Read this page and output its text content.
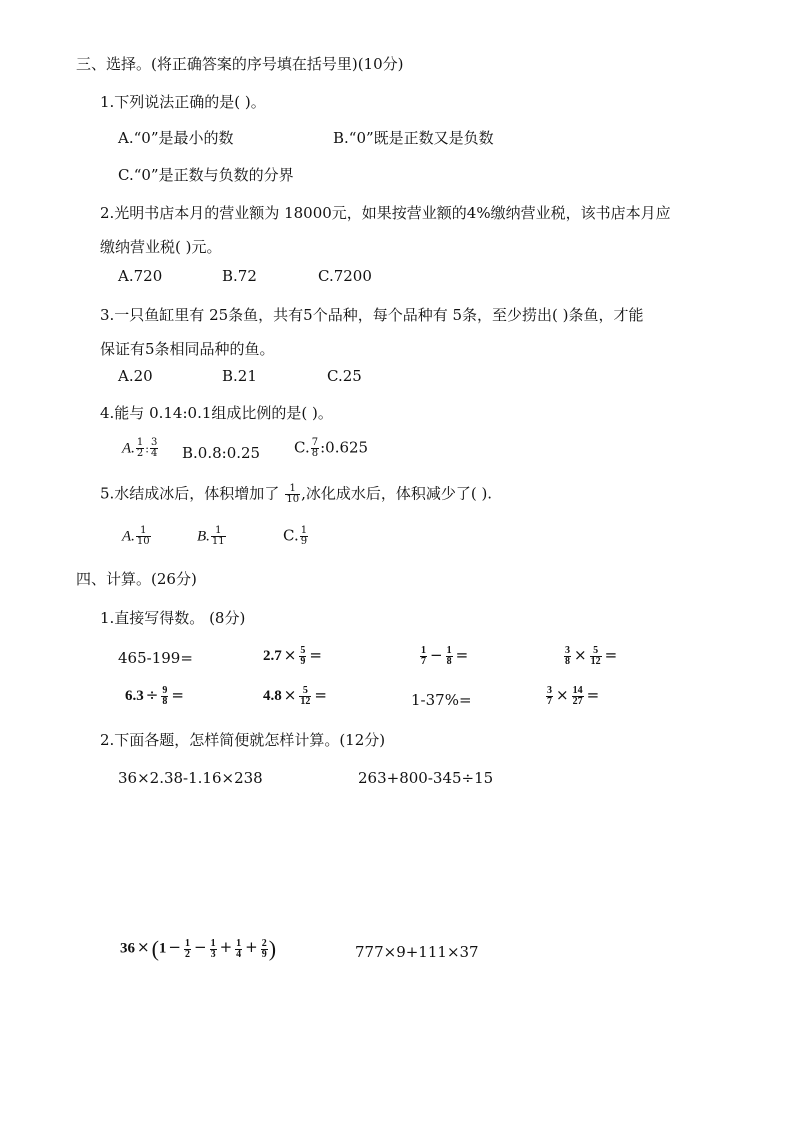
三、选择。(将正确答案的序号填在括号里)(10分)
1.下列说法正确的是( )。
A.“0”是最小的数	B.“0”既是正数又是负数
C.“0”是正数与负数的分界
2.光明书店本月的营业额为 18000元，如果按营业额的4%缴纳营业税，该书店本月应
缴纳营业税( )元。
A.720	B.72	C.7200
3.一只鱼缸里有 25条鱼，共有5个品种，每个品种有 5条，至少捞出( )条鱼，才能
保证有5条相同品种的鱼。
A.20	B.21	C.25
4.能与 0.14:0.1组成比例的是( )。
A. $\frac{1}{2}$ : $\frac{3}{4}$ B.0.8:0.25 C. $\frac{7}{8}$ :0.625
5.水结成冰后，体积增加了 $\frac{1}{10}$ ,冰化成水后，体积减少了( ).
A. $\frac{1}{10}$	B. $\frac{1}{11}$	C. $\frac{1}{9}$
四、计算。(26分)
1.直接写得数。 (8分)
465-199=	$2.7 \times \frac{5}{9}$ =	$\frac{1}{7} - \frac{1}{8}$ =	$\frac{3}{8} \times \frac{5}{12}$ =
$6.3 \div \frac{9}{8}$ =	$4.8 \times \frac{5}{12}$ =	1-37%=	$\frac{3}{7} \times \frac{14}{27}$ =
2.下面各题，怎样简便就怎样计算。(12分)
36×2.38-1.16×238	263+800-345÷15
$36 \times(1 - \frac{1}{2} - \frac{1}{3} + \frac{1}{4} + \frac{2}{9}$ )	777×9+111×37
